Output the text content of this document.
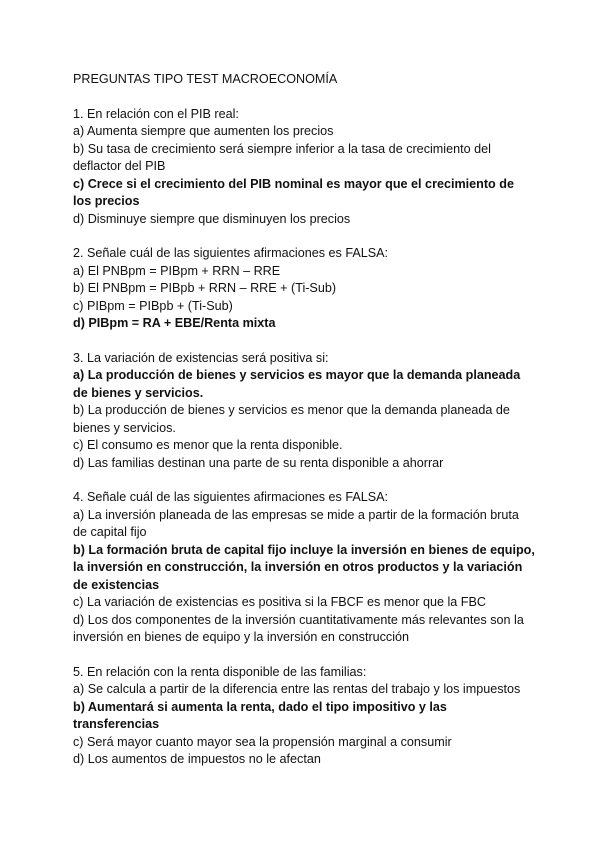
PREGUNTAS TIPO TEST MACROECONOMÍA
1. En relación con el PIB real:
a) Aumenta siempre que aumenten los precios
b) Su tasa de crecimiento será siempre inferior a la tasa de crecimiento del deflactor del PIB
c) Crece si el crecimiento del PIB nominal es mayor que el crecimiento de los precios
d) Disminuye siempre que disminuyen los precios
2. Señale cuál de las siguientes afirmaciones es FALSA:
a) El PNBpm = PIBpm + RRN – RRE
b) El PNBpm = PIBpb + RRN – RRE + (Ti-Sub)
c) PIBpm = PIBpb + (Ti-Sub)
d) PIBpm = RA + EBE/Renta mixta
3. La variación de existencias será positiva si:
a) La producción de bienes y servicios es mayor que la demanda planeada de bienes y servicios.
b) La producción de bienes y servicios es menor que la demanda planeada de bienes y servicios.
c) El consumo es menor que la renta disponible.
d) Las familias destinan una parte de su renta disponible a ahorrar
4. Señale cuál de las siguientes afirmaciones es FALSA:
a) La inversión planeada de las empresas se mide a partir de la formación bruta de capital fijo
b) La formación bruta de capital fijo incluye la inversión en bienes de equipo, la inversión en construcción, la inversión en otros productos y la variación de existencias
c) La variación de existencias es positiva si la FBCF es menor que la FBC
d) Los dos componentes de la inversión cuantitativamente más relevantes son la inversión en bienes de equipo y la inversión en construcción
5. En relación con la renta disponible de las familias:
a) Se calcula a partir de la diferencia entre las rentas del trabajo y los impuestos
b) Aumentará si aumenta la renta, dado el tipo impositivo y las transferencias
c) Será mayor cuanto mayor sea la propensión marginal a consumir
d) Los aumentos de impuestos no le afectan
